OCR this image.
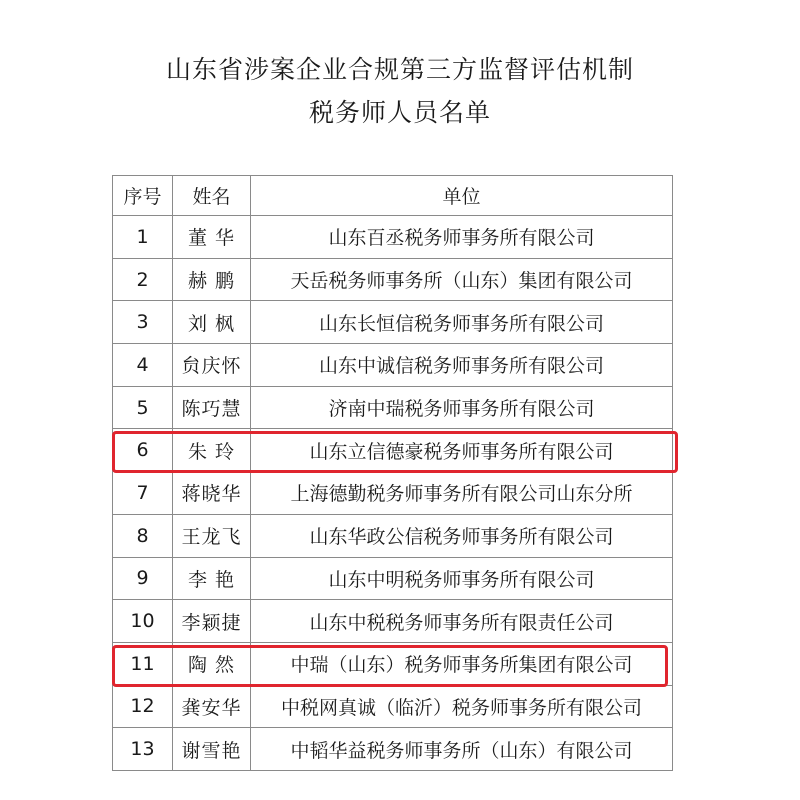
山东省涉案企业合规第三方监督评估机制
税务师人员名单
序号	姓名	单位
1	董 华	山东百丞税务师事务所有限公司
2	赫 鹏	天岳税务师事务所（山东）集团有限公司
3	刘 枫	山东长恒信税务师事务所有限公司
4	贠庆怀	山东中诚信税务师事务所有限公司
5	陈巧慧	济南中瑞税务师事务所有限公司
6	朱 玲	山东立信德豪税务师事务所有限公司
7	蒋晓华	上海德勤税务师事务所有限公司山东分所
8	王龙飞	山东华政公信税务师事务所有限公司
9	李 艳	山东中明税务师事务所有限公司
10	李颖捷	山东中税税务师事务所有限责任公司
11	陶 然	中瑞（山东）税务师事务所集团有限公司
12	龚安华	中税网真诚（临沂）税务师事务所有限公司
13	谢雪艳	中韬华益税务师事务所（山东）有限公司
